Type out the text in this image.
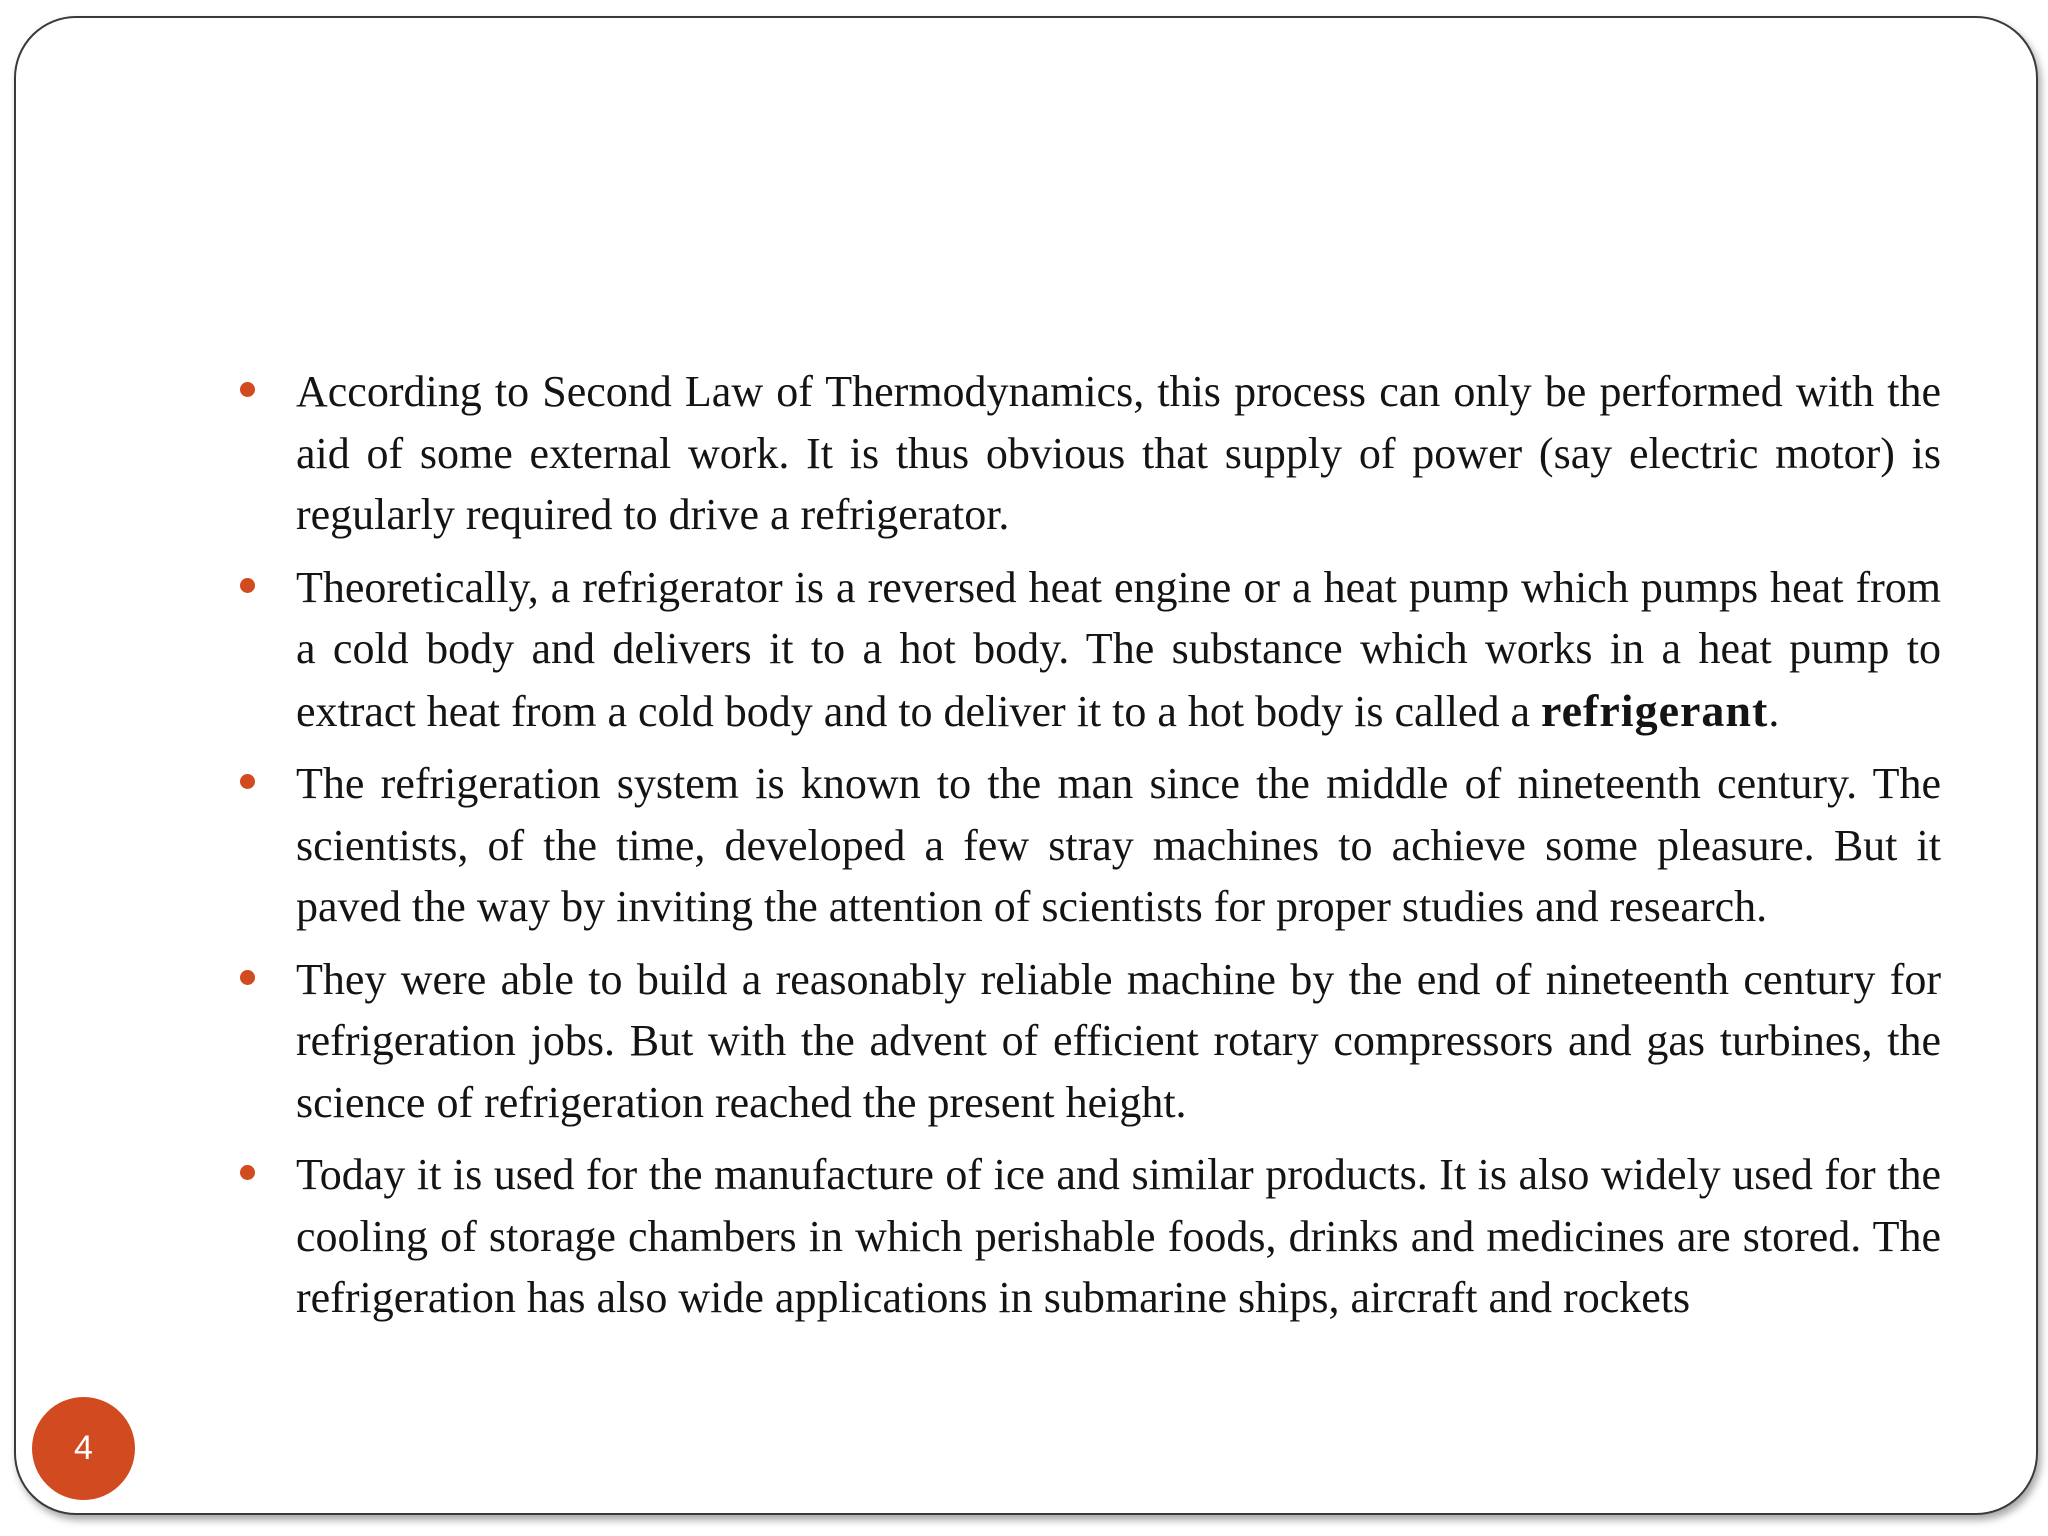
According to Second Law of Thermodynamics, this process can only be performed with the aid of some external work. It is thus obvious that supply of power (say electric motor) is regularly required to drive a refrigerator.
Theoretically, a refrigerator is a reversed heat engine or a heat pump which pumps heat from a cold body and delivers it to a hot body. The substance which works in a heat pump to extract heat from a cold body and to deliver it to a hot body is called a refrigerant.
The refrigeration system is known to the man since the middle of nineteenth century. The scientists, of the time, developed a few stray machines to achieve some pleasure. But it paved the way by inviting the attention of scientists for proper studies and research.
They were able to build a reasonably reliable machine by the end of nineteenth century for refrigeration jobs. But with the advent of efficient rotary compressors and gas turbines, the science of refrigeration reached the present height.
Today it is used for the manufacture of ice and similar products. It is also widely used for the cooling of storage chambers in which perishable foods, drinks and medicines are stored. The refrigeration has also wide applications in submarine ships, aircraft and rockets
4
